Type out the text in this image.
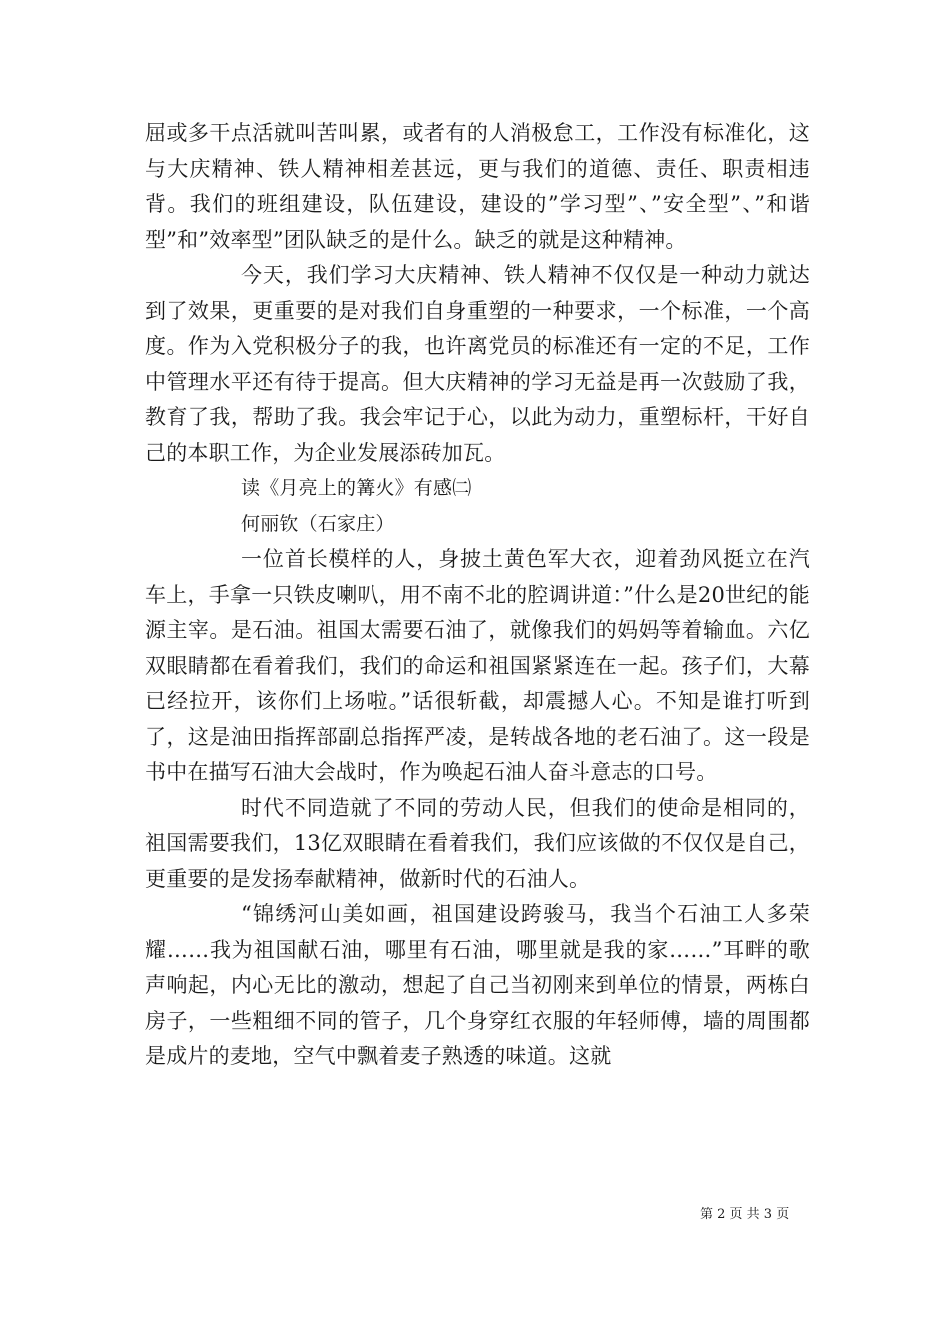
屈或多干点活就叫苦叫累，或者有的人消极怠工，工作没有标准化，这与大庆精神、铁人精神相差甚远，更与我们的道德、责任、职责相违背。我们的班组建设，队伍建设，建设的”学习型”、”安全型”、”和谐型”和”效率型”团队缺乏的是什么。缺乏的就是这种精神。

今天，我们学习大庆精神、铁人精神不仅仅是一种动力就达到了效果，更重要的是对我们自身重塑的一种要求，一个标准，一个高度。作为入党积极分子的我，也许离党员的标准还有一定的不足，工作中管理水平还有待于提高。但大庆精神的学习无益是再一次鼓励了我，教育了我，帮助了我。我会牢记于心，以此为动力，重塑标杆，干好自己的本职工作，为企业发展添砖加瓦。

读《月亮上的篝火》有感㈡

何丽钦（石家庄）

一位首长模样的人，身披土黄色军大衣，迎着劲风挺立在汽车上，手拿一只铁皮喇叭，用不南不北的腔调讲道：”什么是20世纪的能源主宰。是石油。祖国太需要石油了，就像我们的妈妈等着输血。六亿双眼睛都在看着我们，我们的命运和祖国紧紧连在一起。孩子们，大幕已经拉开，该你们上场啦。”话很斩截，却震撼人心。不知是谁打听到了，这是油田指挥部副总指挥严凌，是转战各地的老石油了。这一段是书中在描写石油大会战时，作为唤起石油人奋斗意志的口号。

时代不同造就了不同的劳动人民，但我们的使命是相同的，祖国需要我们，13亿双眼睛在看着我们，我们应该做的不仅仅是自己，更重要的是发扬奉献精神，做新时代的石油人。

“锦绣河山美如画，祖国建设跨骏马，我当个石油工人多荣耀……我为祖国献石油，哪里有石油，哪里就是我的家……”耳畔的歌声响起，内心无比的激动，想起了自己当初刚来到单位的情景，两栋白房子，一些粗细不同的管子，几个身穿红衣服的年轻师傅，墙的周围都是成片的麦地，空气中飘着麦子熟透的味道。这就

第 2 页 共 3 页
